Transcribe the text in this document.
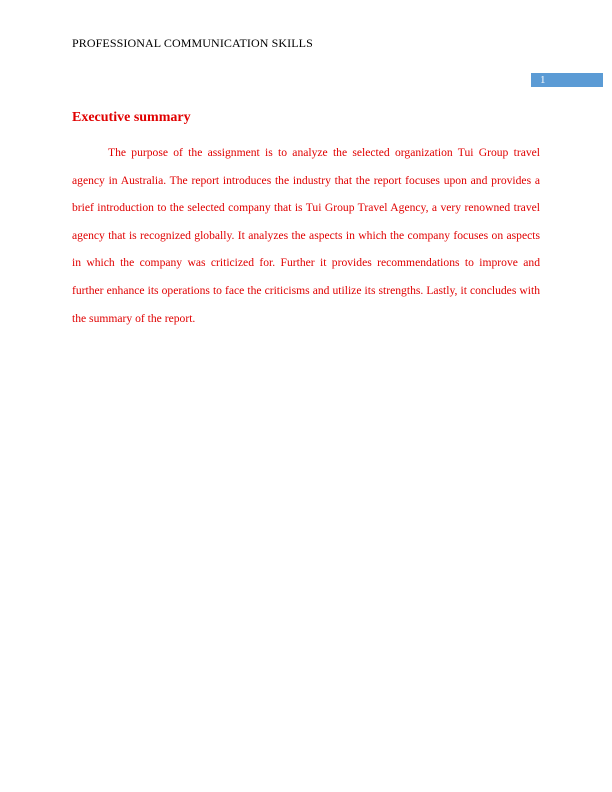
PROFESSIONAL COMMUNICATION SKILLS
1
Executive summary

The purpose of the assignment is to analyze the selected organization Tui Group travel agency in Australia. The report introduces the industry that the report focuses upon and provides a brief introduction to the selected company that is Tui Group Travel Agency, a very renowned travel agency that is recognized globally. It analyzes the aspects in which the company focuses on aspects in which the company was criticized for. Further it provides recommendations to improve and further enhance its operations to face the criticisms and utilize its strengths. Lastly, it concludes with the summary of the report.
